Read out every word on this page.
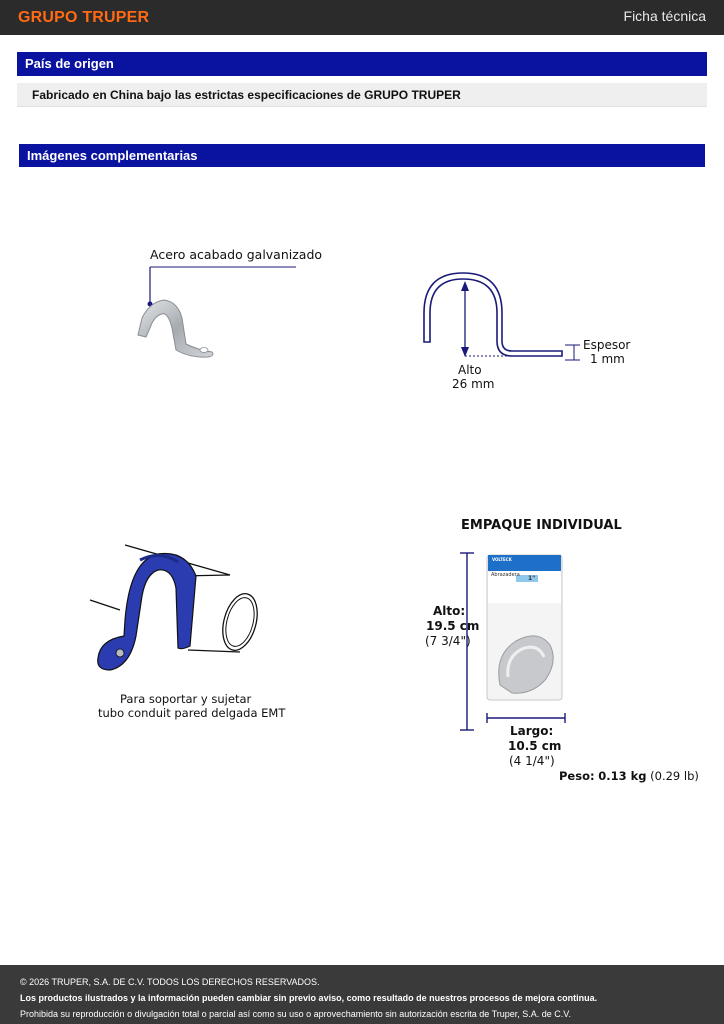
GRUPO TRUPER	Ficha técnica
País de origen
Fabricado en China bajo las estrictas especificaciones de GRUPO TRUPER
Imágenes complementarias
Acero acabado galvanizado
Espesor
1 mm
Alto
26 mm
Para soportar y sujetar
tubo conduit pared delgada EMT
EMPAQUE INDIVIDUAL
VOLTECK
Abrazadera 1"
Alto:
19.5 cm
(7 3/4")
Largo:
10.5 cm
(4 1/4")
Peso: 0.13 kg (0.29 lb)
© 2026 TRUPER, S.A. DE C.V. TODOS LOS DERECHOS RESERVADOS.
Los productos ilustrados y la información pueden cambiar sin previo aviso, como resultado de nuestros procesos de mejora continua.
Prohibida su reproducción o divulgación total o parcial así como su uso o aprovechamiento sin autorización escrita de Truper, S.A. de C.V.
